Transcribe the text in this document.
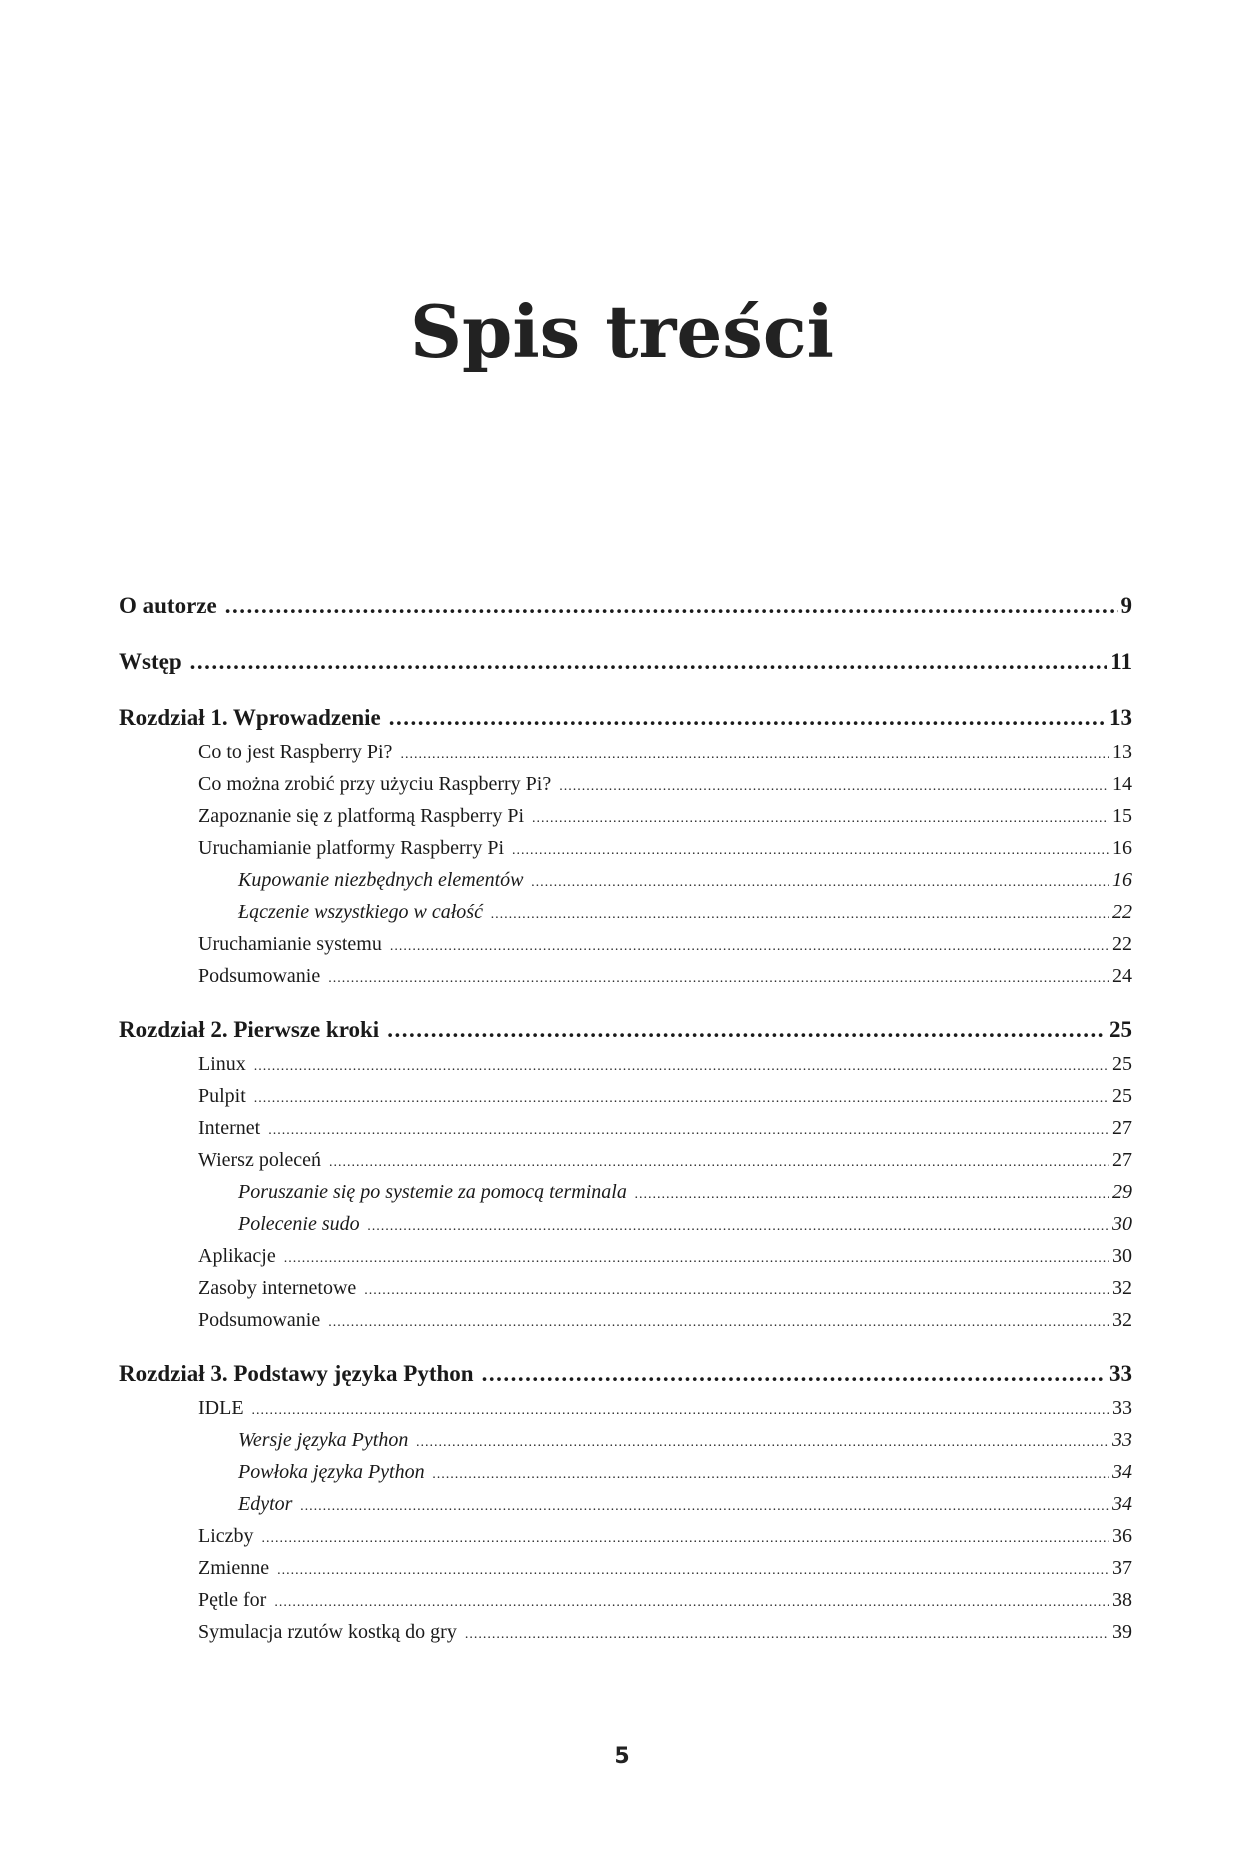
Spis treści
O autorze .....	9
Wstęp .....	11
Rozdział 1. Wprowadzenie .....	13
Co to jest Raspberry Pi? .....	13
Co można zrobić przy użyciu Raspberry Pi? .....	14
Zapoznanie się z platformą Raspberry Pi .....	15
Uruchamianie platformy Raspberry Pi .....	16
Kupowanie niezbędnych elementów .....	16
Łączenie wszystkiego w całość .....	22
Uruchamianie systemu .....	22
Podsumowanie .....	24
Rozdział 2. Pierwsze kroki .....	25
Linux .....	25
Pulpit .....	25
Internet .....	27
Wiersz poleceń .....	27
Poruszanie się po systemie za pomocą terminala .....	29
Polecenie sudo .....	30
Aplikacje .....	30
Zasoby internetowe .....	32
Podsumowanie .....	32
Rozdział 3. Podstawy języka Python .....	33
IDLE .....	33
Wersje języka Python .....	33
Powłoka języka Python .....	34
Edytor .....	34
Liczby .....	36
Zmienne .....	37
Pętle for .....	38
Symulacja rzutów kostką do gry .....	39
5
